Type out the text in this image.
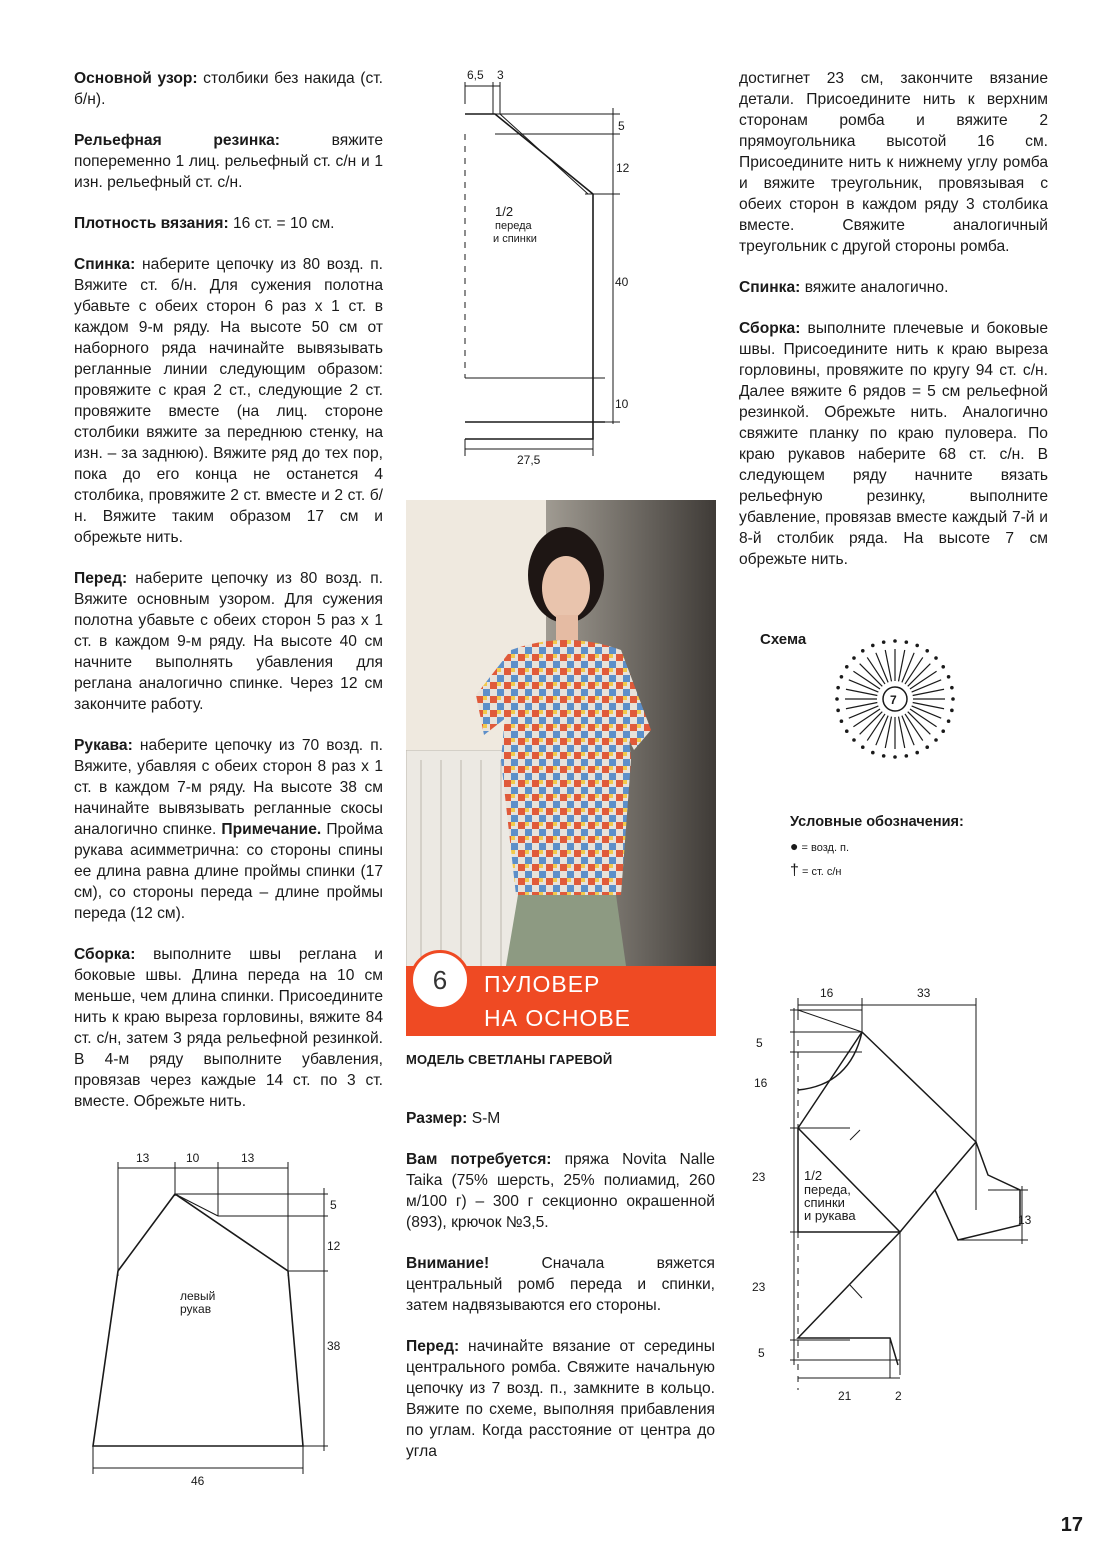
Основной узор: столбики без накида (ст. б/н).

Рельефная резинка: вяжите попеременно 1 лиц. рельефный ст. с/н и 1 изн. рельефный ст. с/н.

Плотность вязания: 16 ст. = 10 см.

Спинка: наберите цепочку из 80 возд. п. Вяжите ст. б/н. Для сужения полотна убавьте с обеих сторон 6 раз х 1 ст. в каждом 9-м ряду. На высоте 50 см от наборного ряда начинайте вывязывать регланные линии следующим образом: провяжите с края 2 ст., следующие 2 ст. провяжите вместе (на лиц. стороне столбики вяжите за переднюю стенку, на изн. – за заднюю). Вяжите ряд до тех пор, пока до его конца не останется 4 столбика, провяжите 2 ст. вместе и 2 ст. б/н. Вяжите таким образом 17 см и обрежьте нить.

Перед: наберите цепочку из 80 возд. п. Вяжите основным узором. Для сужения полотна убавьте с обеих сторон 5 раз х 1 ст. в каждом 9-м ряду. На высоте 40 см начните выполнять убавления для реглана аналогично спинке. Через 12 см закончите работу.

Рукава: наберите цепочку из 70 возд. п. Вяжите, убавляя с обеих сторон 8 раз х 1 ст. в каждом 7-м ряду. На высоте 38 см начинайте вывязывать регланные скосы аналогично спинке. Примечание. Пройма рукава асимметрична: со стороны спины ее длина равна длине проймы спинки (17 см), со стороны переда – длине проймы переда (12 см).

Сборка: выполните швы реглана и боковые швы. Длина переда на 10 см меньше, чем длина спинки. Присоедините нить к краю выреза горловины, вяжите 84 ст. с/н, затем 3 ряда рельефной резинкой. В 4-м ряду выполните убавления, провязав через каждые 14 ст. по 3 ст. вместе. Обрежьте нить.

6,5 3
5
12
40
10
27,5
1/2
переда
и спинки
6	ПУЛОВЕР
НА ОСНОВЕ
МОДЕЛЬ СВЕТЛАНЫ ГАРЕВОЙ

Размер: S-M

Вам потребуется: пряжа Novita Nalle Taika (75% шерсть, 25% полиамид, 260 м/100 г) – 300 г секционно окрашенной (893), крючок №3,5.

Внимание! Сначала вяжется центральный ромб переда и спинки, затем надвязываются его стороны.

Перед: начинайте вязание от середины центрального ромба. Свяжите начальную цепочку из 7 возд. п., замкните в кольцо. Вяжите по схеме, выполняя прибавления по углам. Когда расстояние от центра до угла

достигнет 23 см, закончите вязание детали. Присоедините нить к верхним сторонам ромба и вяжите 2 прямоугольника высотой 16 см. Присоедините нить к нижнему углу ромба и вяжите треугольник, провязывая с обеих сторон в каждом ряду 3 столбика вместе. Свяжите аналогичный треугольник с другой стороны ромба.

Спинка: вяжите аналогично.

Сборка: выполните плечевые и боковые швы. Присоедините нить к краю выреза горловины, провяжите по кругу 94 ст. с/н. Далее вяжите 6 рядов = 5 см рельефной резинкой. Обрежьте нить. Аналогично свяжите планку по краю пуловера. По краю рукавов наберите 68 ст. с/н. В следующем ряду начните вязать рельефную резинку, выполните убавление, провязав вместе каждый 7-й и 8-й столбик ряда. На высоте 7 см обрежьте нить.

Схема
7
Условные обозначения:
● = возд. п.
† = ст. с/н
13	10	13
5
12
38
46
левый
рукав
16	33
5
16
23
23
5
13
21	2
1/2
переда,
спинки
и рукава
17
